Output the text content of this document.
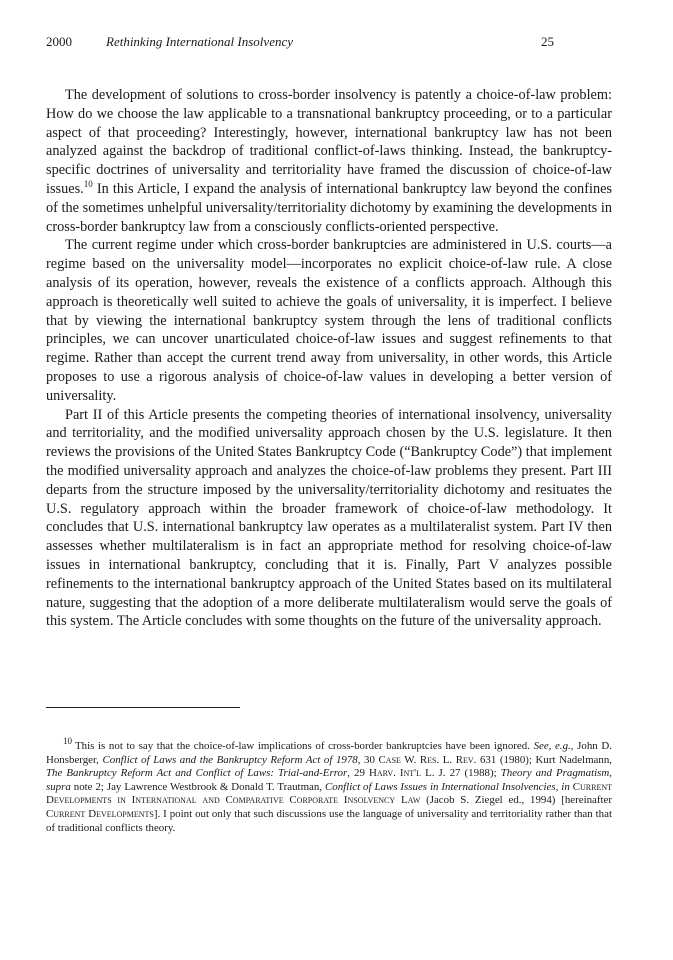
2000	Rethinking International Insolvency	25

The development of solutions to cross-border insolvency is patently a choice-of-law problem: How do we choose the law applicable to a transnational bankruptcy proceeding, or to a particular aspect of that proceeding? Interestingly, however, international bankruptcy law has not been analyzed against the backdrop of traditional conflict-of-laws thinking. Instead, the bankruptcy-specific doctrines of universality and territoriality have framed the discussion of choice-of-law issues.$^{10}$ In this Article, I expand the analysis of international bankruptcy law beyond the confines of the sometimes unhelpful universality/territoriality dichotomy by examining the developments in cross-border bankruptcy law from a consciously conflicts-oriented perspective.

The current regime under which cross-border bankruptcies are administered in U.S. courts—a regime based on the universality model—incorporates no explicit choice-of-law rule. A close analysis of its operation, however, reveals the existence of a conflicts approach. Although this approach is theoretically well suited to achieve the goals of universality, it is imperfect. I believe that by viewing the international bankruptcy system through the lens of traditional conflicts principles, we can uncover unarticulated choice-of-law issues and suggest refinements to that regime. Rather than accept the current trend away from universality, in other words, this Article proposes to use a rigorous analysis of choice-of-law values in developing a better version of universality.

Part II of this Article presents the competing theories of international insolvency, universality and territoriality, and the modified universality approach chosen by the U.S. legislature. It then reviews the provisions of the United States Bankruptcy Code (“Bankruptcy Code”) that implement the modified universality approach and analyzes the choice-of-law problems they present. Part III departs from the structure imposed by the universality/territoriality dichotomy and resituates the U.S. regulatory approach within the broader framework of choice-of-law methodology. It concludes that U.S. international bankruptcy law operates as a multilateralist system. Part IV then assesses whether multilateralism is in fact an appropriate method for resolving choice-of-law issues in international bankruptcy, concluding that it is. Finally, Part V analyzes possible refinements to the international bankruptcy approach of the United States based on its multilateral nature, suggesting that the adoption of a more deliberate multilateralism would serve the goals of this system. The Article concludes with some thoughts on the future of the universality approach.

$^{10}$ This is not to say that the choice-of-law implications of cross-border bankruptcies have been ignored. See, e.g., John D. Honsberger, Conflict of Laws and the Bankruptcy Reform Act of 1978, 30 Case W. Res. L. Rev. 631 (1980); Kurt Nadelmann, The Bankruptcy Reform Act and Conflict of Laws: Trial-and-Error, 29 Harv. Int'l L. J. 27 (1988); Theory and Pragmatism, supra note 2; Jay Lawrence Westbrook & Donald T. Trautman, Conflict of Laws Issues in International Insolvencies, in Current Developments in International and Comparative Corporate Insolvency Law (Jacob S. Ziegel ed., 1994) [hereinafter Current Developments]. I point out only that such discussions use the language of universality and territoriality rather than that of traditional conflicts theory.
